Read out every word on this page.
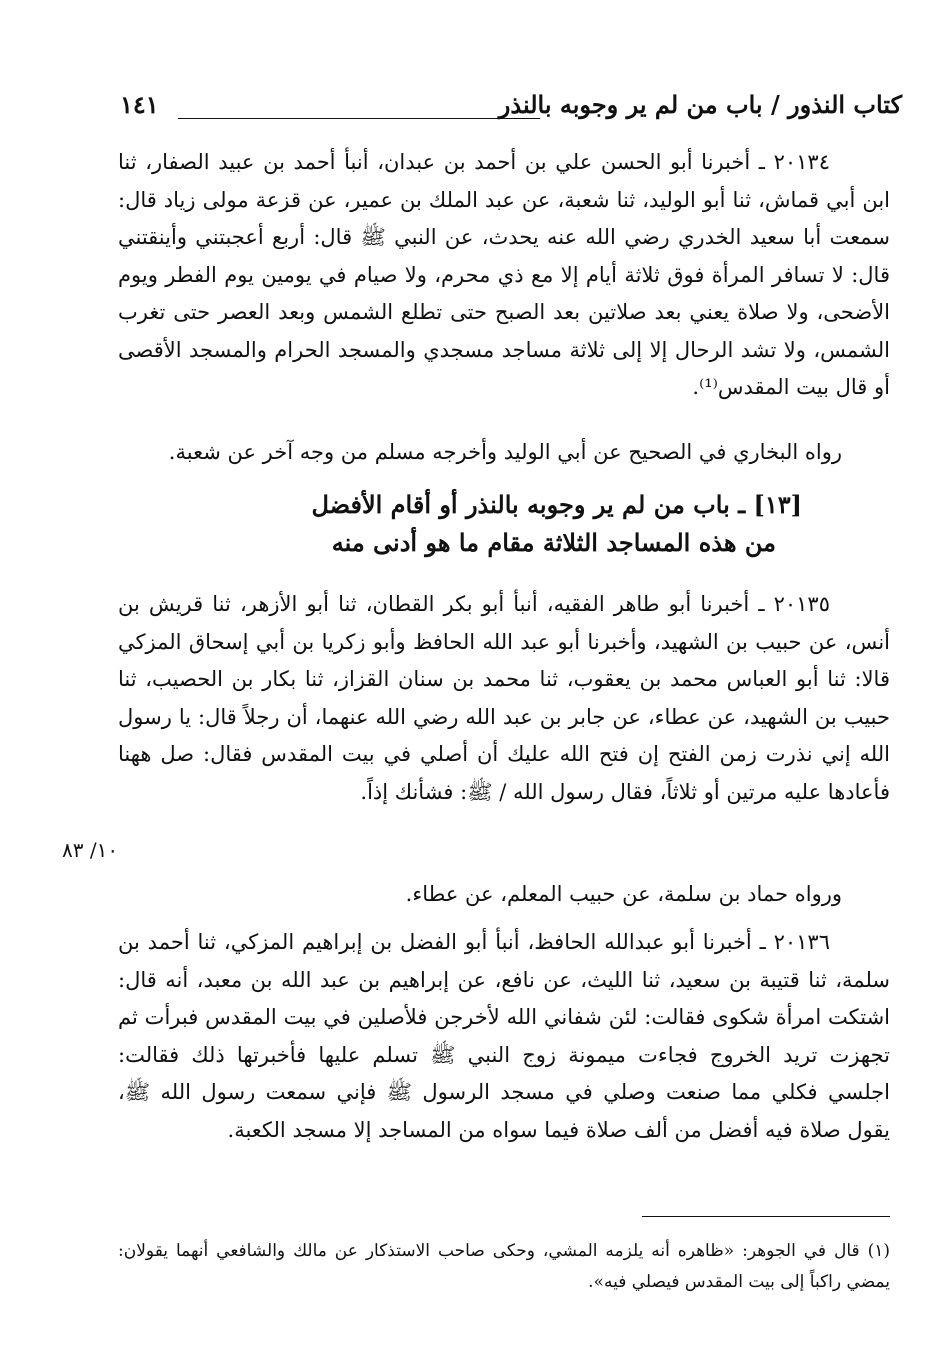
كتاب النذور / باب من لم ير وجوبه بالنذر
١٤١
٢٠١٣٤ ـ أخبرنا أبو الحسن علي بن أحمد بن عبدان، أنبأ أحمد بن عبيد الصفار، ثنا ابن أبي قماش، ثنا أبو الوليد، ثنا شعبة، عن عبد الملك بن عمير، عن قزعة مولى زياد قال: سمعت أبا سعيد الخدري رضي الله عنه يحدث، عن النبي ﷺ قال: أربع أعجبتني وأينقتني قال: لا تسافر المرأة فوق ثلاثة أيام إلا مع ذي محرم، ولا صيام في يومين يوم الفطر ويوم الأضحى، ولا صلاة يعني بعد صلاتين بعد الصبح حتى تطلع الشمس وبعد العصر حتى تغرب الشمس، ولا تشد الرحال إلا إلى ثلاثة مساجد مسجدي والمسجد الحرام والمسجد الأقصى أو قال بيت المقدس⁽¹⁾.
رواه البخاري في الصحيح عن أبي الوليد وأخرجه مسلم من وجه آخر عن شعبة.
[١٣] ـ باب من لم ير وجوبه بالنذر أو أقام الأفضل
من هذه المساجد الثلاثة مقام ما هو أدنى منه
٢٠١٣٥ ـ أخبرنا أبو طاهر الفقيه، أنبأ أبو بكر القطان، ثنا أبو الأزهر، ثنا قريش بن أنس، عن حبيب بن الشهيد، وأخبرنا أبو عبد الله الحافظ وأبو زكريا بن أبي إسحاق المزكي قالا: ثنا أبو العباس محمد بن يعقوب، ثنا محمد بن سنان القزاز، ثنا بكار بن الحصيب، ثنا حبيب بن الشهيد، عن عطاء، عن جابر بن عبد الله رضي الله عنهما، أن رجلاً قال: يا رسول الله إني نذرت زمن الفتح إن فتح الله عليك أن أصلي في بيت المقدس فقال: صل ههنا فأعادها عليه مرتين أو ثلاثاً، فقال رسول الله / ﷺ: فشأنك إذاً.
١٠/ ٨٣
ورواه حماد بن سلمة، عن حبيب المعلم، عن عطاء.
٢٠١٣٦ ـ أخبرنا أبو عبدالله الحافظ، أنبأ أبو الفضل بن إبراهيم المزكي، ثنا أحمد بن سلمة، ثنا قتيبة بن سعيد، ثنا الليث، عن نافع، عن إبراهيم بن عبد الله بن معبد، أنه قال: اشتكت امرأة شكوى فقالت: لئن شفاني الله لأخرجن فلأصلين في بيت المقدس فبرأت ثم تجهزت تريد الخروج فجاءت ميمونة زوج النبي ﷺ تسلم عليها فأخبرتها ذلك فقالت: اجلسي فكلي مما صنعت وصلي في مسجد الرسول ﷺ فإني سمعت رسول الله ﷺ، يقول صلاة فيه أفضل من ألف صلاة فيما سواه من المساجد إلا مسجد الكعبة.
(١) قال في الجوهر: «ظاهره أنه يلزمه المشي، وحكى صاحب الاستذكار عن مالك والشافعي أنهما يقولان: يمضي راكباً إلى بيت المقدس فيصلي فيه».
